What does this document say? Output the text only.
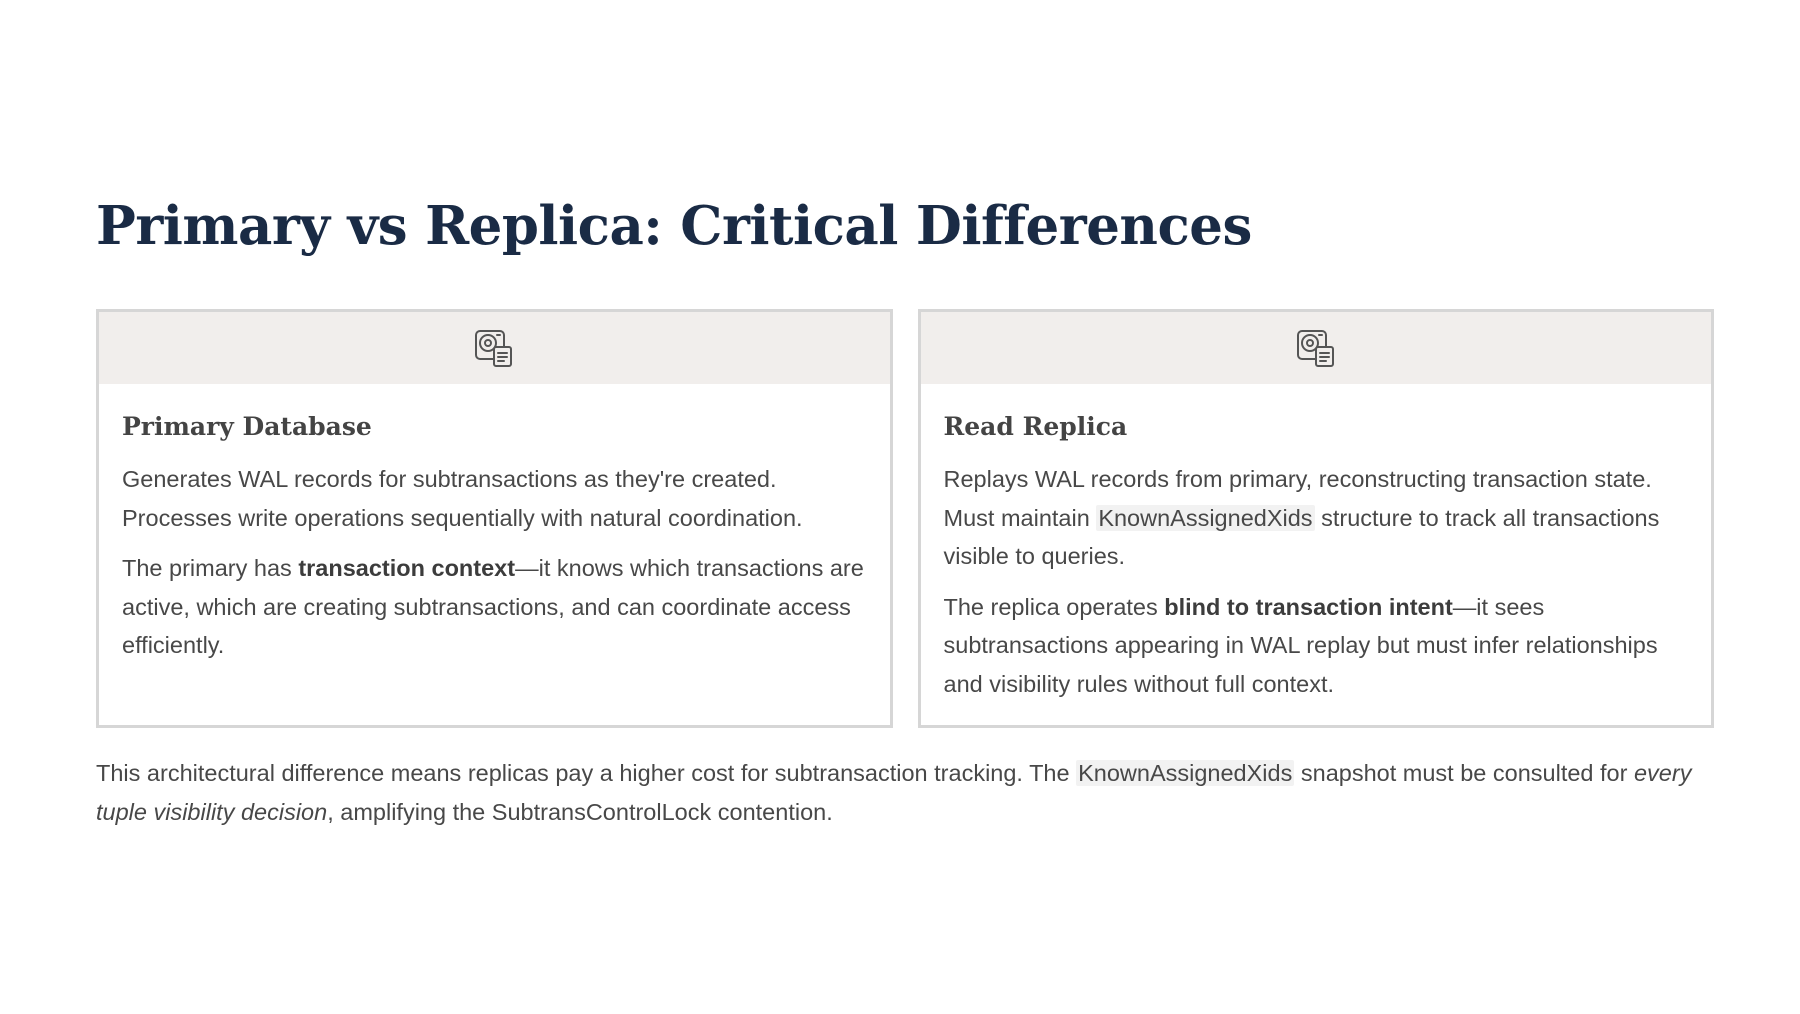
Primary vs Replica: Critical Differences
Primary Database

Generates WAL records for subtransactions as they're created. Processes write operations sequentially with natural coordination.

The primary has transaction context—it knows which transactions are active, which are creating subtransactions, and can coordinate access efficiently.

Read Replica

Replays WAL records from primary, reconstructing transaction state. Must maintain KnownAssignedXids structure to track all transactions visible to queries.

The replica operates blind to transaction intent—it sees subtransactions appearing in WAL replay but must infer relationships and visibility rules without full context.

This architectural difference means replicas pay a higher cost for subtransaction tracking. The KnownAssignedXids snapshot must be consulted for every tuple visibility decision, amplifying the SubtransControlLock contention.
